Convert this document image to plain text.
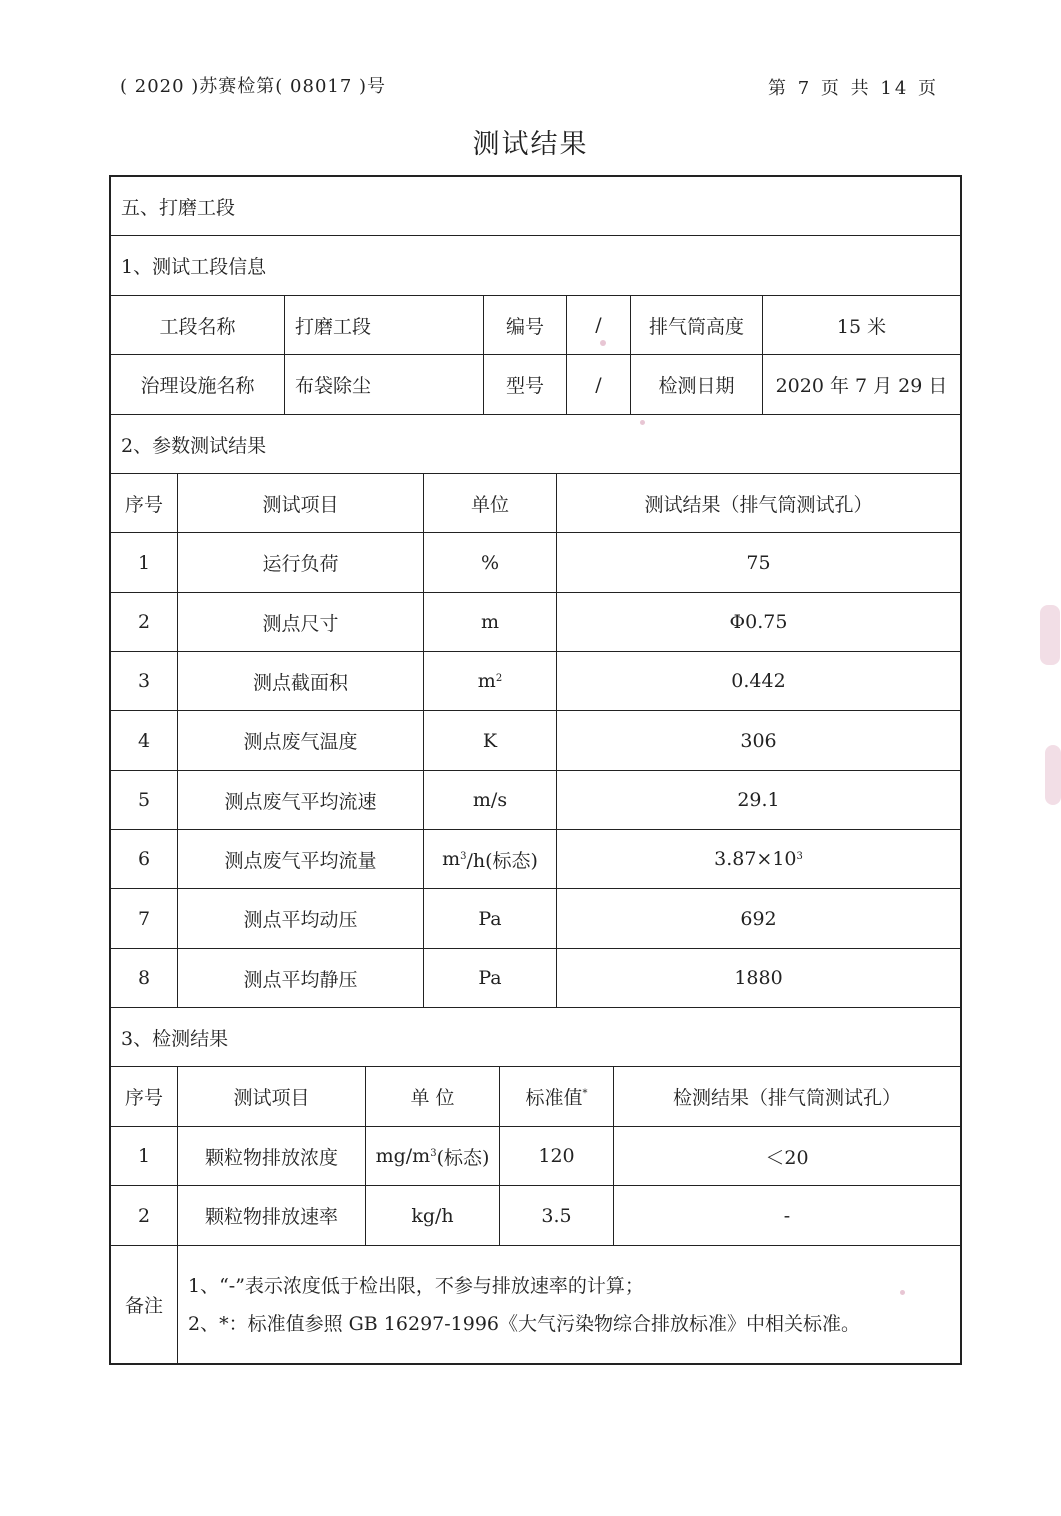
( 2020 )苏赛检第( 08017 )号	第 7 页 共 14 页
测试结果
五、打磨工段
1、测试工段信息
工段名称	打磨工段	编号	/	排气筒高度	15 米
治理设施名称	布袋除尘	型号	/	检测日期	2020 年 7 月 29 日
2、参数测试结果
序号	测试项目	单位	测试结果（排气筒测试孔）
1	运行负荷	%	75
2	测点尺寸	m	Φ0.75
3	测点截面积	$m^2$	0.442
4	测点废气温度	K	306
5	测点废气平均流速	m/s	29.1
6	测点废气平均流量	$m^3$ /h(标态)	$3.87\times 10^3$
7	测点平均动压	Pa	692
8	测点平均静压	Pa	1880
3、检测结果
序号	测试项目	单 位	标准值*	检测结果（排气筒测试孔）
1	颗粒物排放浓度	$mg/m^3$ (标态)	120	＜20
2	颗粒物排放速率	kg/h	3.5	-
备注
1、“-”表示浓度低于检出限，不参与排放速率的计算；
2、*：标准值参照 GB 16297-1996《大气污染物综合排放标准》中相关标准。
